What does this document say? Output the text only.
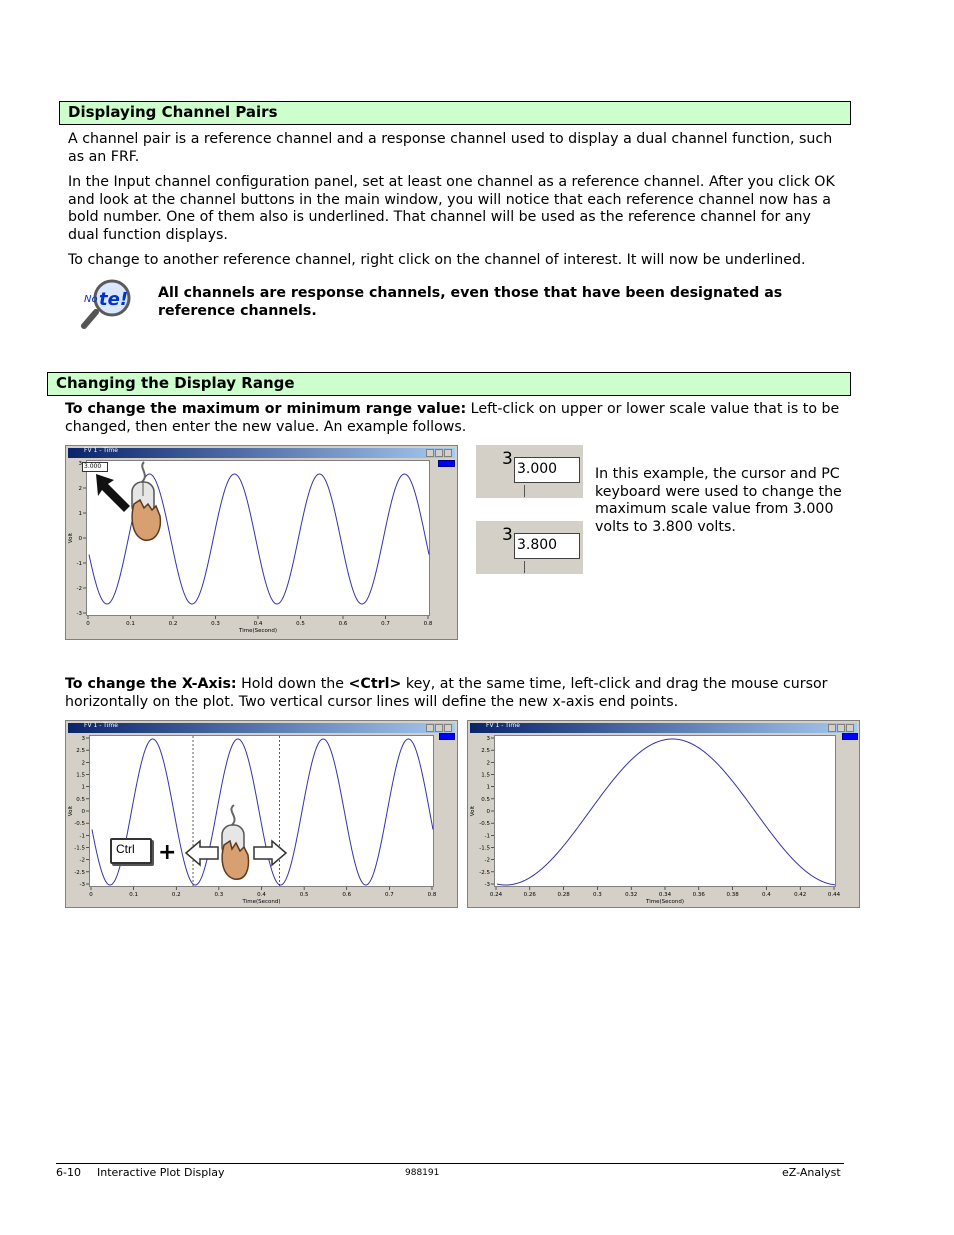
Displaying Channel Pairs

A channel pair is a reference channel and a response channel used to display a dual channel function, such as an FRF.

In the Input channel configuration panel, set at least one channel as a reference channel. After you click OK and look at the channel buttons in the main window, you will notice that each reference channel now has a bold number. One of them also is underlined. That channel will be used as the reference channel for any dual function displays.

To change to another reference channel, right click on the channel of interest. It will now be underlined.

No te! All channels are response channels, even those that have been designated as reference channels.
Changing the Display Range

To change the maximum or minimum range value: Left-click on upper or lower scale value that is to be changed, then enter the new value. An example follows.

FV 1 - Time
3
2
1
0
-1
-2
-3
0	0.1	0.2	0.3	0.4	0.5	0.6	0.7	0.8
Time(Second)
Volt
3.000	3 3.000
3 3.800

In this example, the cursor and PC keyboard were used to change the maximum scale value from 3.000 volts to 3.800 volts.

To change the X-Axis: Hold down the <Ctrl> key, at the same time, left-click and drag the mouse cursor horizontally on the plot. Two vertical cursor lines will define the new x-axis end points.

FV 1 - Time
3
2.5
2
1.5
1
0.5
0
-0.5
-1
-1.5
-2
-2.5
-3
0	0.1	0.2	0.3	0.4	0.5	0.6	0.7	0.8
Time(Second)
Volt
Ctrl	+
FV 1 - Time
3
2.5
2
1.5
1
0.5
0
-0.5
-1
-1.5
-2
-2.5
-3
0.24	0.26	0.28	0.3	0.32	0.34	0.36	0.38	0.4	0.42	0.44
Time(Second)
Volt
6-10 Interactive Plot Display	988191	eZ-Analyst
